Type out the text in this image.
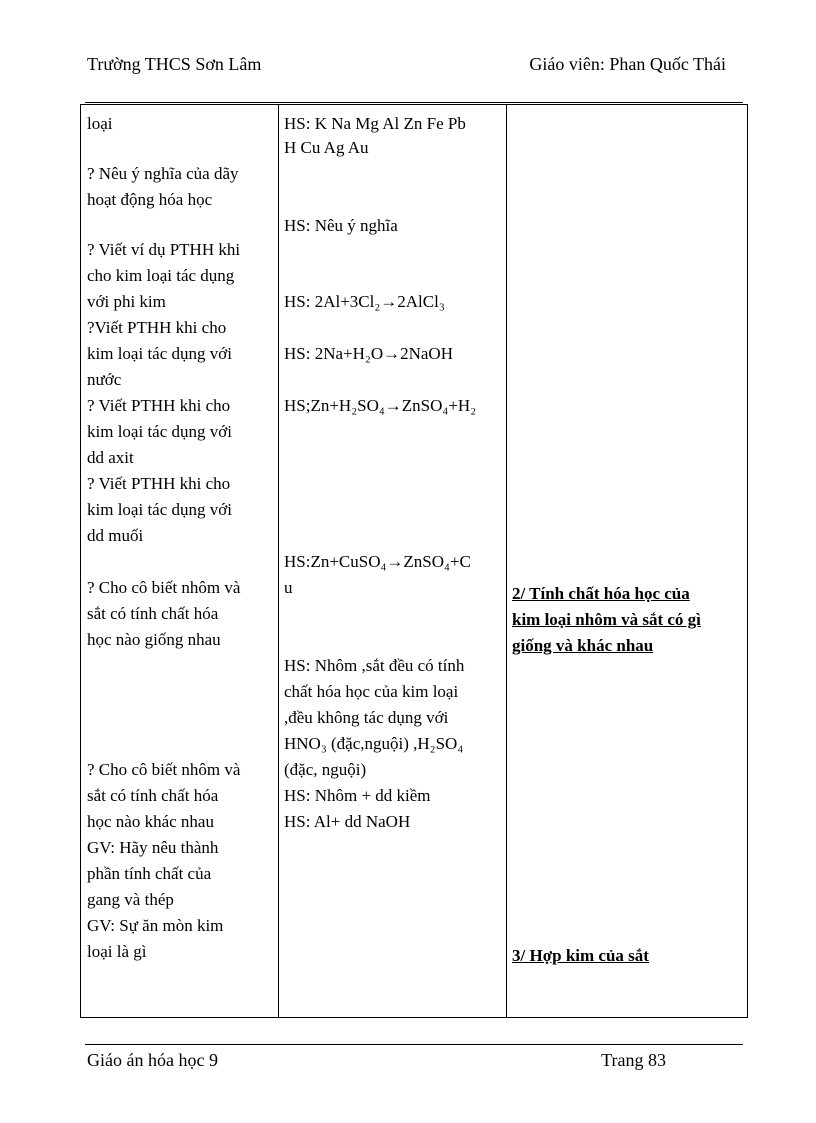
Trường THCS Sơn Lâm	Giáo viên: Phan Quốc Thái
loại
? Nêu ý nghĩa của dãy
hoạt động hóa học
? Viết ví dụ PTHH khi
cho kim loại tác dụng
với phi kim
?Viết PTHH khi cho
kim loại tác dụng với
nước
? Viết PTHH khi cho
kim loại tác dụng với
dd axit
? Viết PTHH khi cho
kim loại tác dụng với
dd muối
? Cho cô biết nhôm và
sắt có tính chất hóa
học nào giống nhau
? Cho cô biết nhôm và
sắt có tính chất hóa
học nào khác nhau
GV: Hãy nêu thành
phần tính chất của
gang và thép
GV: Sự ăn mòn kim
loại là gì
HS: K Na Mg Al Zn Fe Pb
H Cu Ag Au
HS: Nêu ý nghĩa
HS: 2Al+3Cl₂→2AlCl₃
HS: 2Na+H₂O→2NaOH
HS;Zn+H₂SO₄→ZnSO₄+H₂
HS:Zn+CuSO₄→ZnSO₄+C
u
HS: Nhôm ,sắt đều có tính
chất hóa học của kim loại
,đều không tác dụng với
HNO₃ (đặc,nguội) ,H₂SO₄
(đặc, nguội)
HS: Nhôm + dd kiềm
HS: Al+ dd NaOH
2/ Tính chất hóa học của
kim loại nhôm và sắt có gì
giống và khác nhau
3/ Hợp kim của sắt
Giáo án hóa học 9	Trang 83
